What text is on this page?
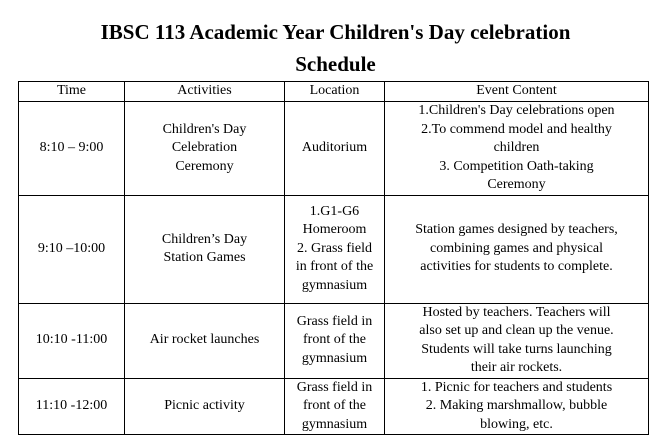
IBSC 113 Academic Year Children's Day celebration
Schedule
Time	Activities	Location	Event Content
8:10 – 9:00	Children's Day
Celebration
Ceremony	Auditorium	1.Children's Day celebrations open
2.To commend model and healthy
children
3. Competition Oath-taking
Ceremony

9:10 –10:00	Children’s Day
Station Games	1.G1-G6
Homeroom
2. Grass field
in front of the
gymnasium	Station games designed by teachers,
combining games and physical
activities for students to complete.

10:10 -11:00	Air rocket launches	Grass field in
front of the
gymnasium	Hosted by teachers. Teachers will
also set up and clean up the venue.
Students will take turns launching
their air rockets.

11:10 -12:00	Picnic activity	Grass field in
front of the
gymnasium	1. Picnic for teachers and students
2. Making marshmallow, bubble
blowing, etc.
